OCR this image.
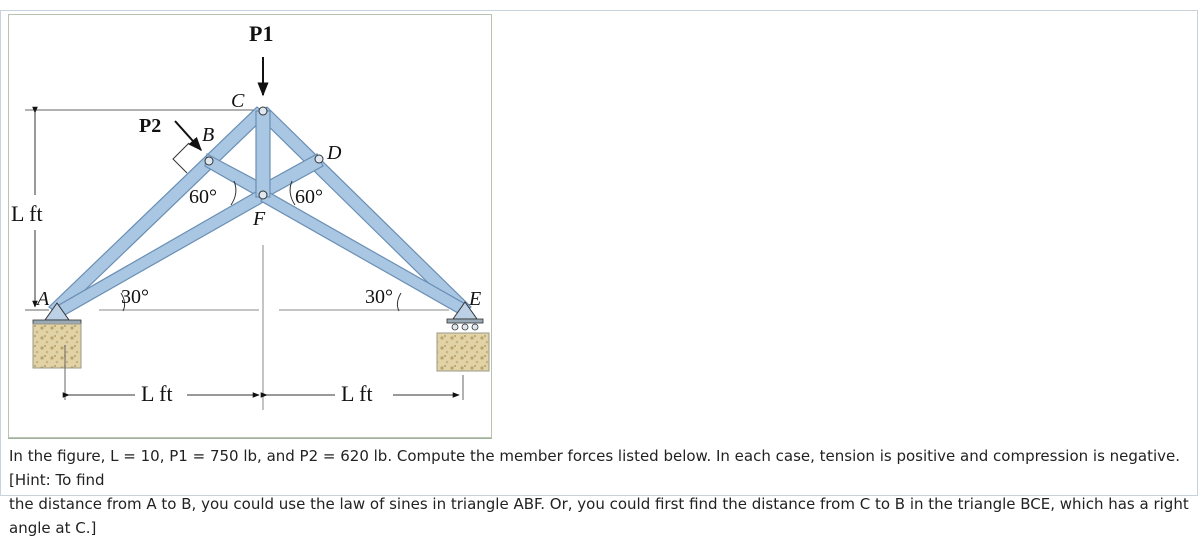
P1
P2
C
B
D
F
A	E
60°	60°
30°	30°
L ft
L ft	L ft
In the figure, L = 10, P1 = 750 lb, and P2 = 620 lb. Compute the member forces listed below. In each case, tension is positive and compression is negative. [Hint: To find
the distance from A to B, you could use the law of sines in triangle ABF. Or, you could first find the distance from C to B in the triangle BCE, which has a right angle at C.]
